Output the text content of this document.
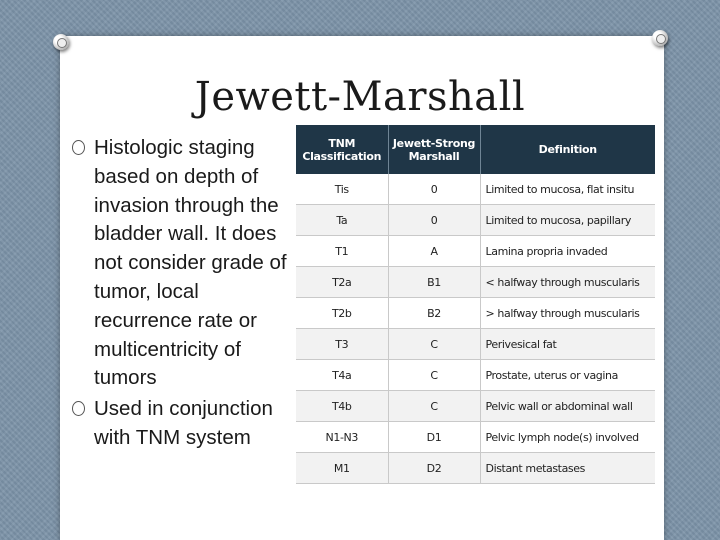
Jewett-Marshall
Histologic staging based on depth of invasion through the bladder wall. It does not consider grade of tumor, local recurrence rate or multicentricity of tumors
Used in conjunction with TNM system
TNM Classification	Jewett-Strong Marshall	Definition
Tis	0	Limited to mucosa, flat insitu
Ta	0	Limited to mucosa, papillary
T1	A	Lamina propria invaded
T2a	B1	< halfway through muscularis
T2b	B2	> halfway through muscularis
T3	C	Perivesical fat
T4a	C	Prostate, uterus or vagina
T4b	C	Pelvic wall or abdominal wall
N1-N3	D1	Pelvic lymph node(s) involved
M1	D2	Distant metastases
